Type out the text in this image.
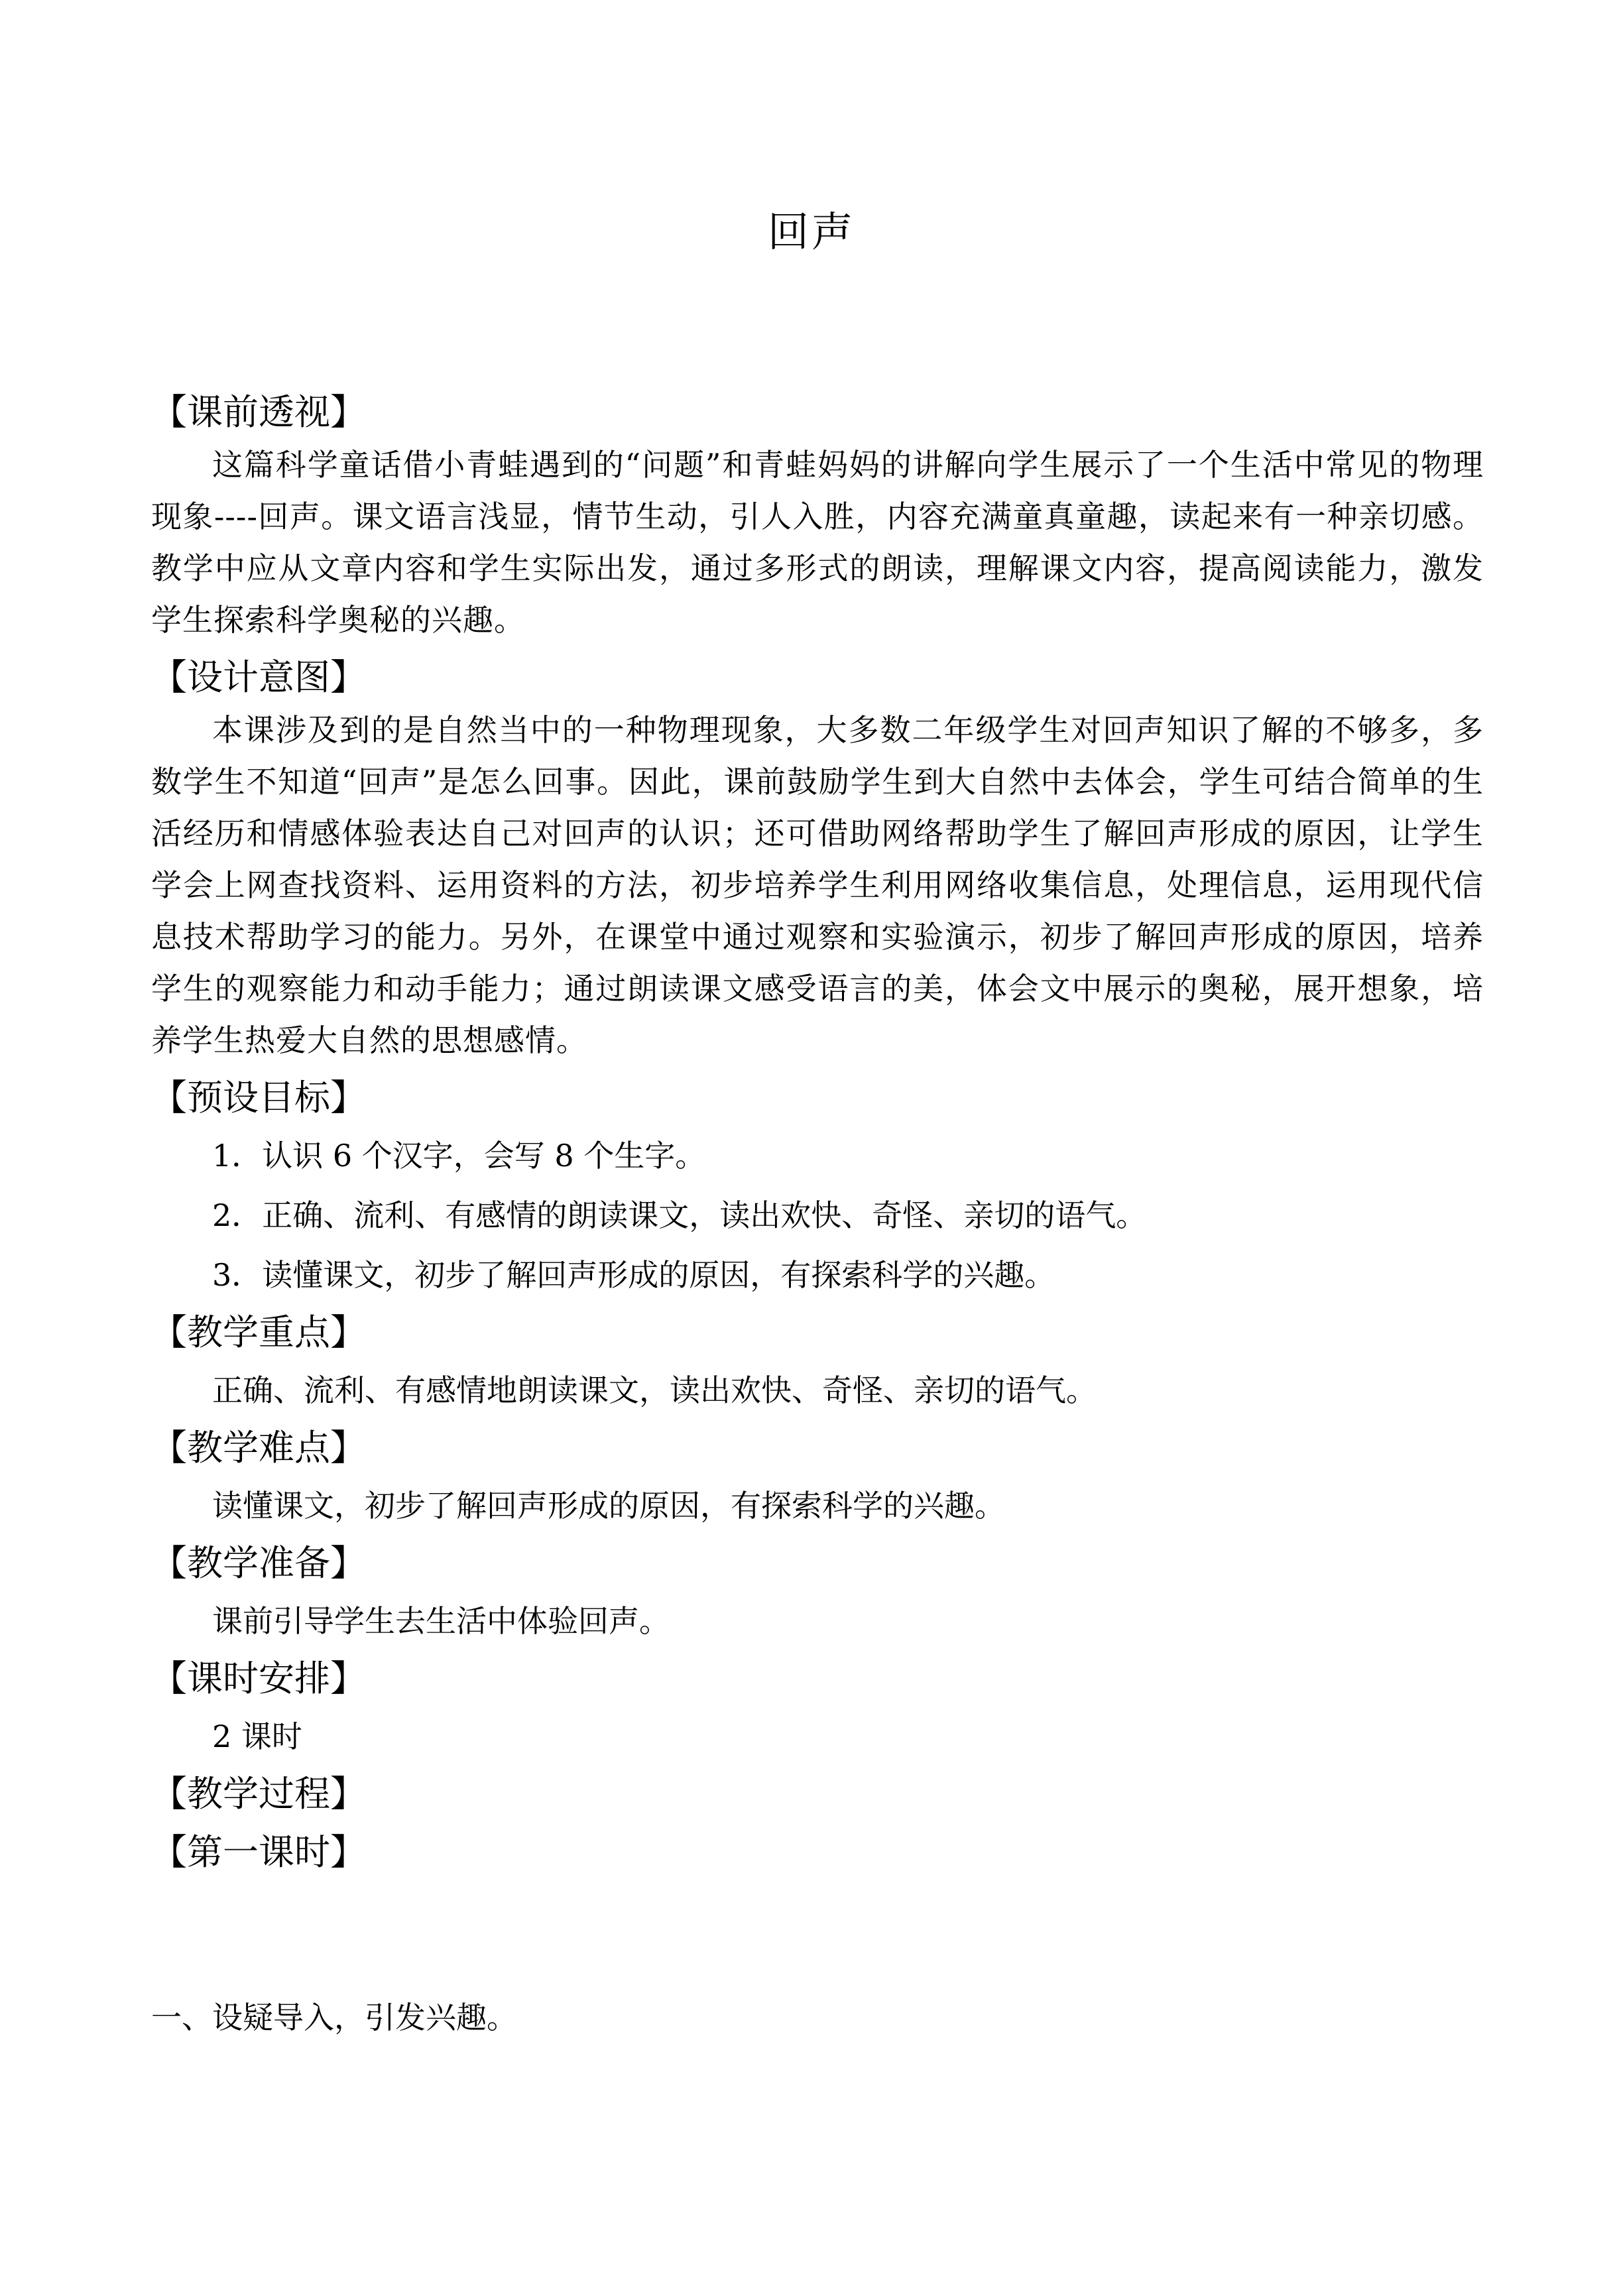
回声
【课前透视】

这篇科学童话借小青蛙遇到的“问题”和青蛙妈妈的讲解向学生展示了一个生活中常见的物理现象----回声。课文语言浅显，情节生动，引人入胜，内容充满童真童趣，读起来有一种亲切感。教学中应从文章内容和学生实际出发，通过多形式的朗读，理解课文内容，提高阅读能力，激发学生探索科学奥秘的兴趣。

【设计意图】

本课涉及到的是自然当中的一种物理现象，大多数二年级学生对回声知识了解的不够多，多数学生不知道“回声”是怎么回事。因此，课前鼓励学生到大自然中去体会，学生可结合简单的生活经历和情感体验表达自己对回声的认识；还可借助网络帮助学生了解回声形成的原因，让学生学会上网查找资料、运用资料的方法，初步培养学生利用网络收集信息，处理信息，运用现代信息技术帮助学习的能力。另外，在课堂中通过观察和实验演示，初步了解回声形成的原因，培养学生的观察能力和动手能力；通过朗读课文感受语言的美，体会文中展示的奥秘，展开想象，培养学生热爱大自然的思想感情。

【预设目标】

1．认识 6 个汉字，会写 8 个生字。

2．正确、流利、有感情的朗读课文，读出欢快、奇怪、亲切的语气。

3．读懂课文，初步了解回声形成的原因，有探索科学的兴趣。

【教学重点】

正确、流利、有感情地朗读课文，读出欢快、奇怪、亲切的语气。

【教学难点】

读懂课文，初步了解回声形成的原因，有探索科学的兴趣。

【教学准备】

课前引导学生去生活中体验回声。

【课时安排】

2 课时

【教学过程】
【第一课时】

一、设疑导入，引发兴趣。
